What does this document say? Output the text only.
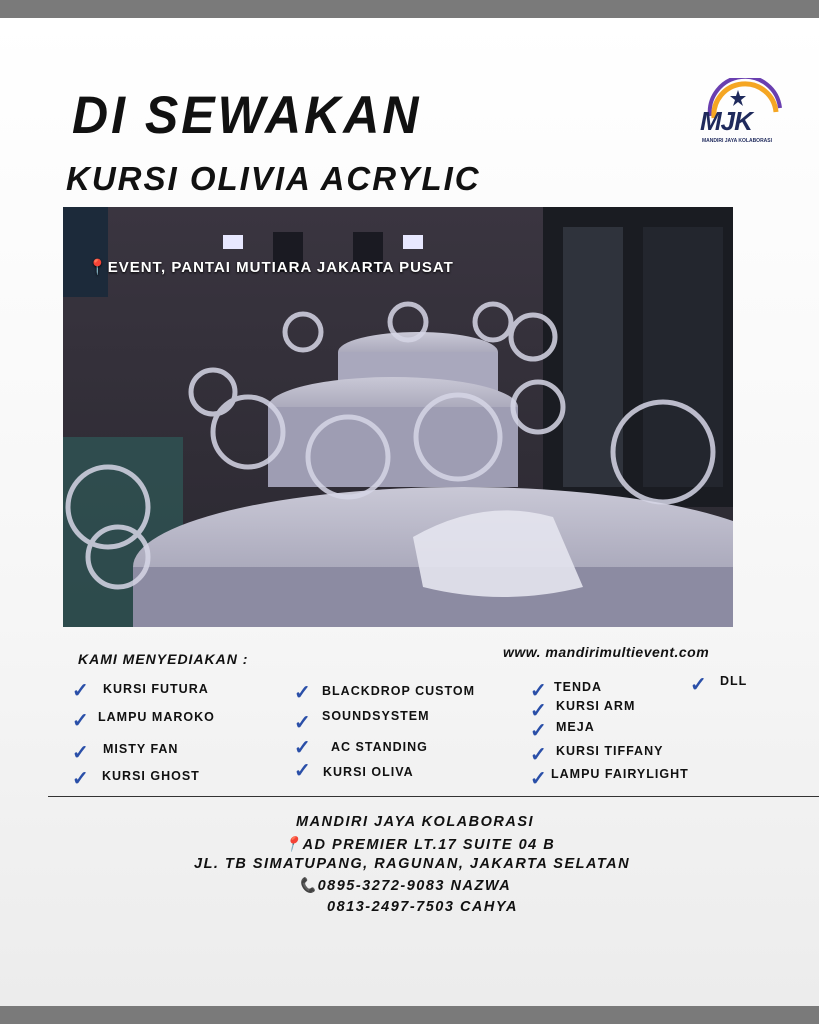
DI SEWAKAN
KURSI OLIVIA ACRYLIC
MJK
MANDIRI JAYA KOLABORASI
📍EVENT, PANTAI MUTIARA JAKARTA PUSAT
KAMI MENYEDIAKAN :	www. mandirimultievent.com
✓ KURSI FUTURA
✓ LAMPU MAROKO
✓ MISTY FAN
✓ KURSI GHOST
✓ BLACKDROP CUSTOM
✓ SOUNDSYSTEM
✓ AC STANDING
✓ KURSI OLIVA
✓ TENDA
✓ KURSI ARM
✓ MEJA
✓ KURSI TIFFANY
✓ LAMPU FAIRYLIGHT
✓ DLL
MANDIRI JAYA KOLABORASI
📍AD PREMIER LT.17 SUITE 04 B
JL. TB SIMATUPANG, RAGUNAN, JAKARTA SELATAN
📞0895-3272-9083 NAZWA
0813-2497-7503 CAHYA
